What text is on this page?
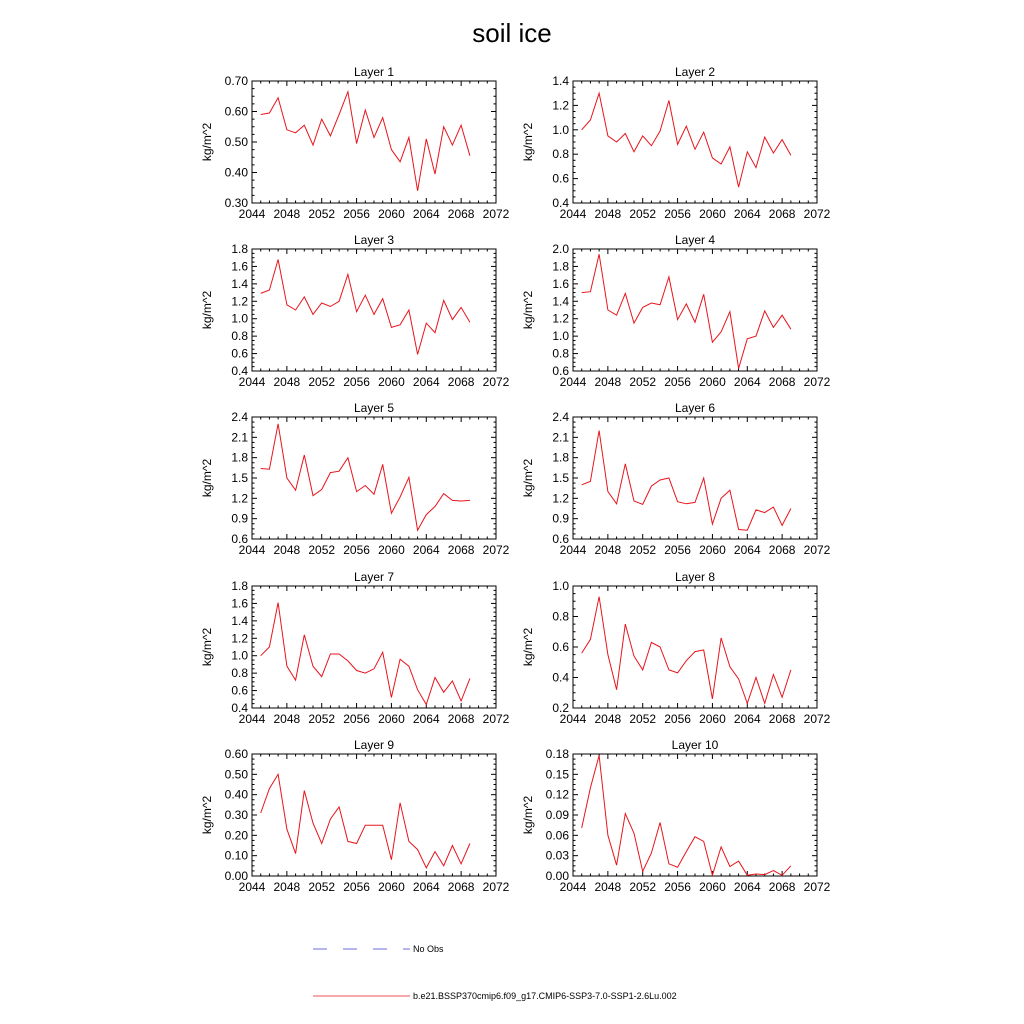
soil ice
Layer 1
2044 2048 2052 2056 2060 2064 2068 2072
0.30
0.40
0.50
0.60
0.70
kg/m^2
Layer 2
2044 2048 2052 2056 2060 2064 2068 2072
0.4
0.6
0.8
1.0
1.2
1.4
kg/m^2
Layer 3
2044 2048 2052 2056 2060 2064 2068 2072
0.4
0.6
0.8
1.0
1.2
1.4
1.6
1.8
kg/m^2
Layer 4
2044 2048 2052 2056 2060 2064 2068 2072
0.6
0.8
1.0
1.2
1.4
1.6
1.8
2.0
kg/m^2
Layer 5
2044 2048 2052 2056 2060 2064 2068 2072
0.6
0.9
1.2
1.5
1.8
2.1
2.4
kg/m^2
Layer 6
2044 2048 2052 2056 2060 2064 2068 2072
0.6
0.9
1.2
1.5
1.8
2.1
2.4
kg/m^2
Layer 7
2044 2048 2052 2056 2060 2064 2068 2072
0.4
0.6
0.8
1.0
1.2
1.4
1.6
1.8
kg/m^2
Layer 8
2044 2048 2052 2056 2060 2064 2068 2072
0.2
0.4
0.6
0.8
1.0
kg/m^2
Layer 9
2044 2048 2052 2056 2060 2064 2068 2072
0.00
0.10
0.20
0.30
0.40
0.50
0.60
kg/m^2
Layer 10
2044 2048 2052 2056 2060 2064 2068 2072
0.00
0.03
0.06
0.09
0.12
0.15
0.18
kg/m^2
No Obs
b.e21.BSSP370cmip6.f09_g17.CMIP6-SSP3-7.0-SSP1-2.6Lu.002
